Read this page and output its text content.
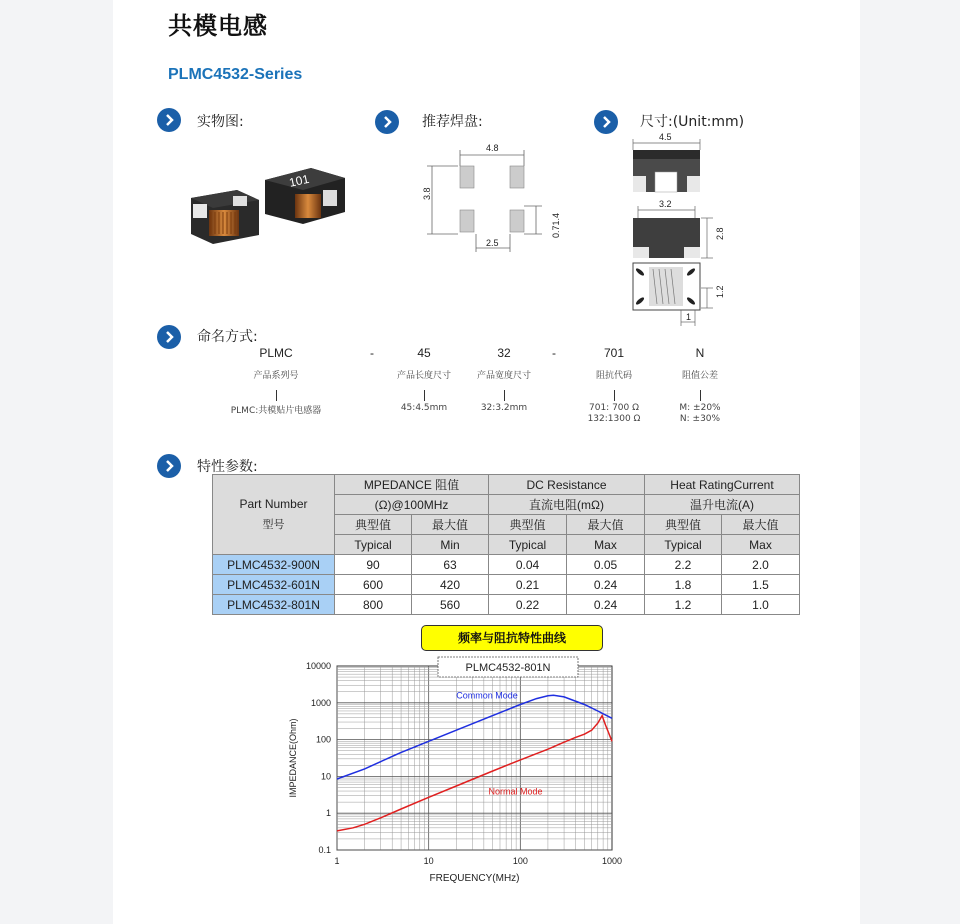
共模电感
PLMC4532-Series
实物图:	推荐焊盘:	尺寸:(Unit:mm)
命名方式:
特性参数:
101
4.8
3.8
2.5
0.71.4
4.5
3.2
2.8
1.2
1
PLMC
产品系列号
PLMC:共模贴片电感器
-	45
产品长度尺寸
45:4.5mm
32
产品宽度尺寸
32:3.2mm
-	701
阻抗代码
701: 700 Ω
132:1300 Ω
N
阻值公差
M: ±20%
N: ±30%
Part Number
型号	MPEDANCE 阻值		DC Resistance		Heat RatingCurrent	
	(Ω)@100MHz		直流电阻(mΩ)		温升电流(A)	
	典型值	最大值	典型值	最大值	典型值	最大值
	Typical	Min	Typical	Max	Typical	Max
PLMC4532-900N	90	63	0.04	0.05	2.2	2.0
PLMC4532-601N	600	420	0.21	0.24	1.8	1.5
PLMC4532-801N	800	560	0.22	0.24	1.2	1.0
频率与阻抗特性曲线
1	10	100	1000
0.1
1
10
100
1000
10000
FREQUENCY(MHz)
IMPEDANCE(Ohm)
PLMC4532-801N
Common Mode
Normal Mode
